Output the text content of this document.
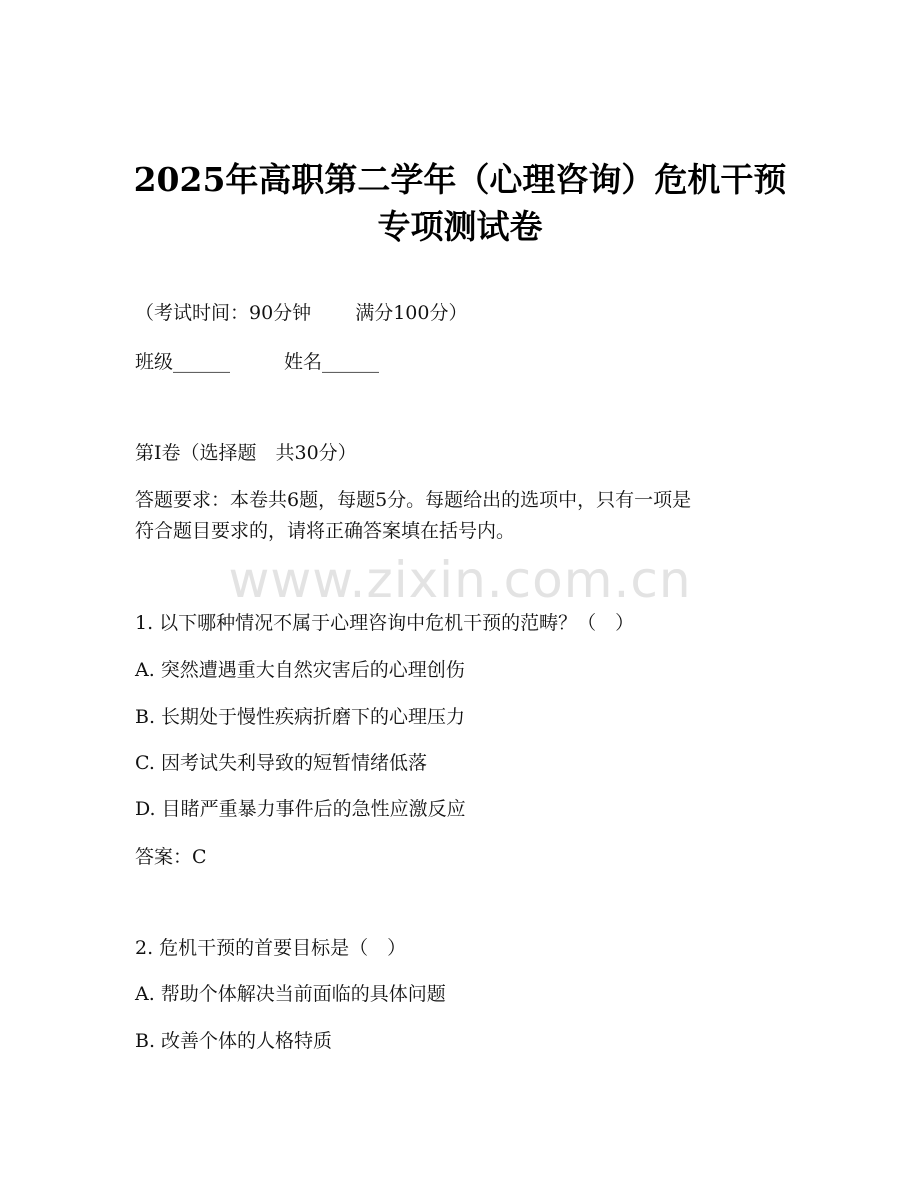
2025年高职第二学年（心理咨询）危机干预
专项测试卷
（考试时间：90分钟 满分100分）
班级______	姓名______
第I卷（选择题　共30分）
答题要求：本卷共6题，每题5分。每题给出的选项中，只有一项是
符合题目要求的，请将正确答案填在括号内。
www.zixin.com.cn
1. 以下哪种情况不属于心理咨询中危机干预的范畴？（　）
A. 突然遭遇重大自然灾害后的心理创伤
B. 长期处于慢性疾病折磨下的心理压力
C. 因考试失利导致的短暂情绪低落
D. 目睹严重暴力事件后的急性应激反应
答案：C
2. 危机干预的首要目标是（　）
A. 帮助个体解决当前面临的具体问题
B. 改善个体的人格特质
